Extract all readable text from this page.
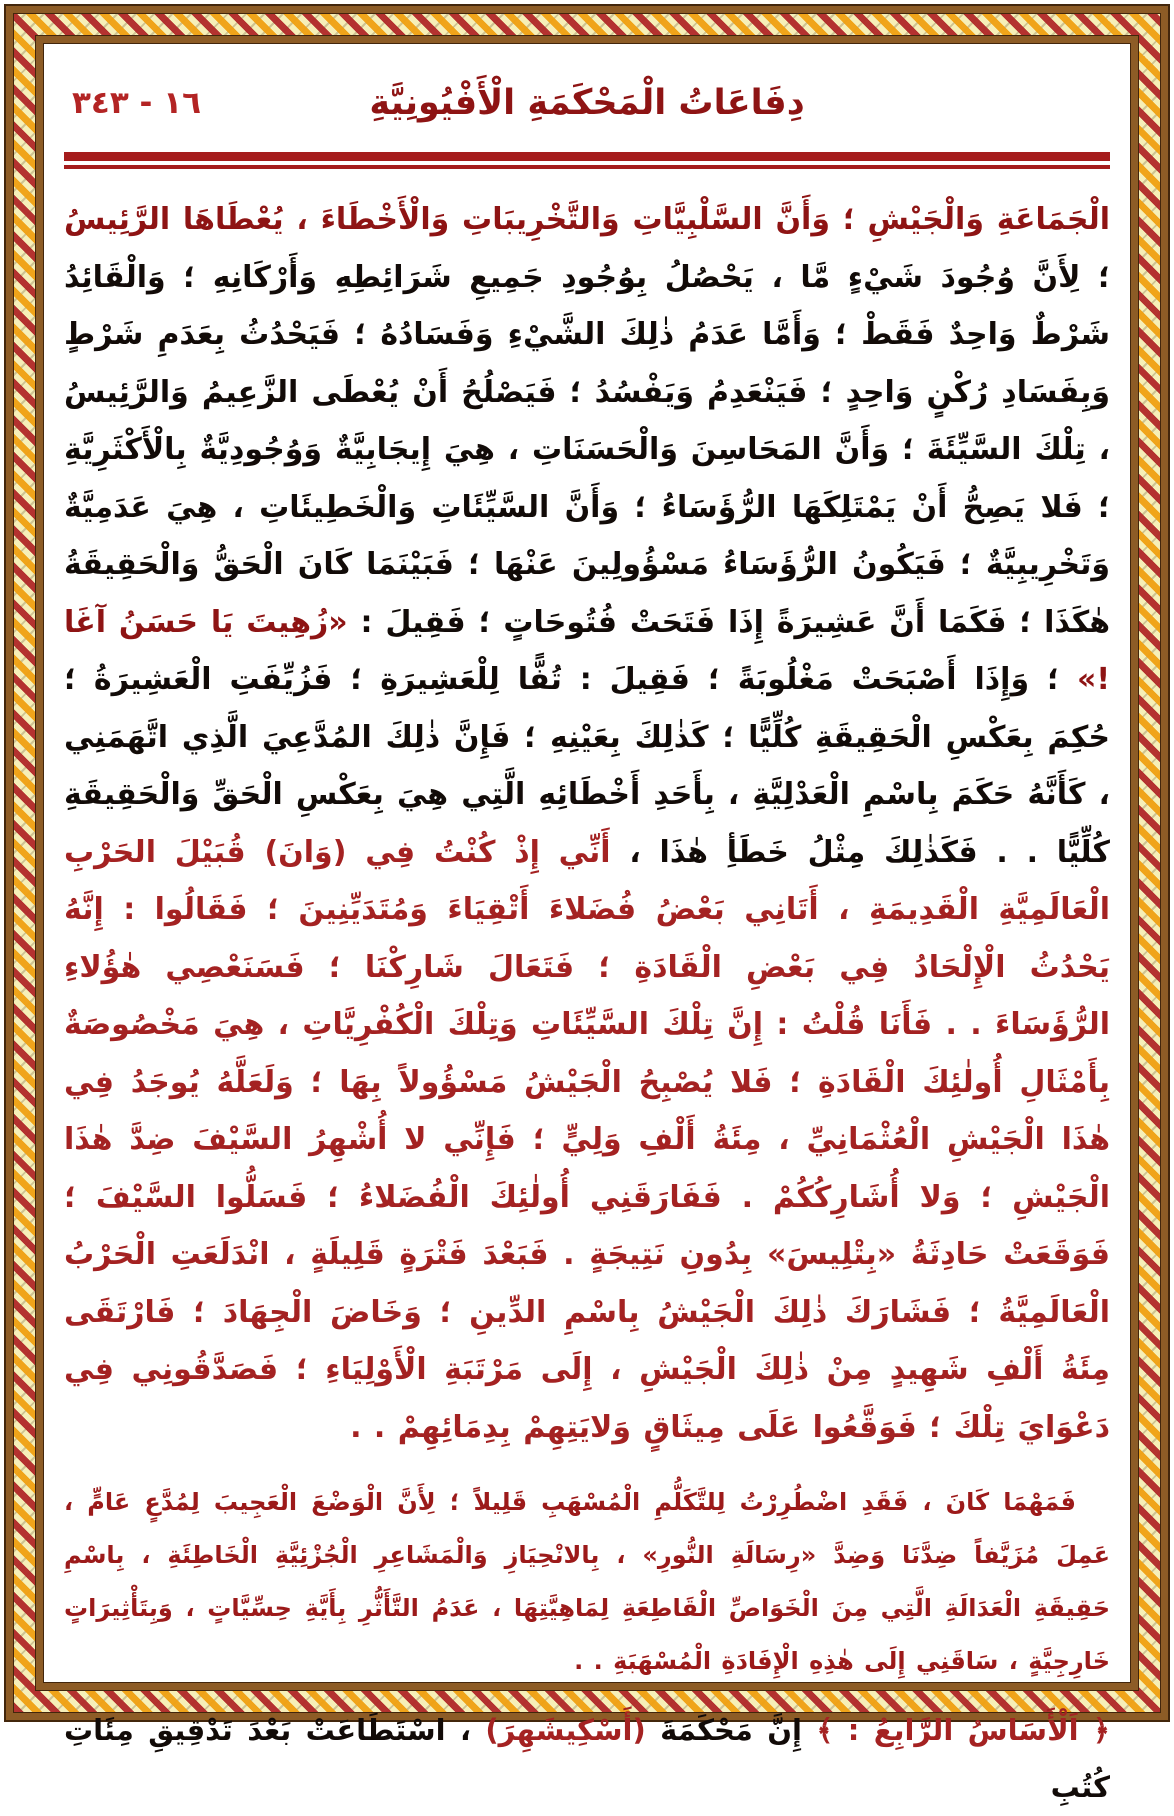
١٦ - ٣٤٣	دِفَاعَاتُ الْمَحْكَمَةِ الْأَفْيُونِيَّةِ
الْجَمَاعَةِ وَالْجَيْشِ ؛ وَأَنَّ السَّلْبِيَّاتِ وَالتَّخْرِيبَاتِ وَالْأَخْطَاءَ ، يُعْطَاهَا الرَّئِيسُ ؛ لِأَنَّ وُجُودَ شَيْءٍ مَّا ، يَحْصُلُ بِوُجُودِ جَمِيعِ شَرَائِطِهِ وَأَرْكَانِهِ ؛ وَالْقَائِدُ شَرْطٌ وَاحِدٌ فَقَطْ ؛ وَأَمَّا عَدَمُ ذٰلِكَ الشَّيْءِ وَفَسَادُهُ ؛ فَيَحْدُثُ بِعَدَمِ شَرْطٍ وَبِفَسَادِ رُكْنٍ وَاحِدٍ ؛ فَيَنْعَدِمُ وَيَفْسُدُ ؛ فَيَصْلُحُ أَنْ يُعْطَى الزَّعِيمُ وَالرَّئِيسُ ، تِلْكَ السَّيِّئَةَ ؛ وَأَنَّ المَحَاسِنَ وَالْحَسَنَاتِ ، هِيَ إِيجَابِيَّةٌ وَوُجُودِيَّةٌ بِالْأَكْثَرِيَّةِ ؛ فَلا يَصِحُّ أَنْ يَمْتَلِكَهَا الرُّؤَسَاءُ ؛ وَأَنَّ السَّيِّئَاتِ وَالْخَطِيئَاتِ ، هِيَ عَدَمِيَّةٌ وَتَخْرِيبِيَّةٌ ؛ فَيَكُونُ الرُّؤَسَاءُ مَسْؤُولِينَ عَنْهَا ؛ فَبَيْنَمَا كَانَ الْحَقُّ وَالْحَقِيقَةُ هٰكَذَا ؛ فَكَمَا أَنَّ عَشِيرَةً إِذَا فَتَحَتْ فُتُوحَاتٍ ؛ فَقِيلَ : «زُهِيتَ يَا حَسَنُ آغَا !» ؛ وَإِذَا أَصْبَحَتْ مَغْلُوبَةً ؛ فَقِيلَ : تُفًّا لِلْعَشِيرَةِ ؛ فَزُيِّفَتِ الْعَشِيرَةُ ؛ حُكِمَ بِعَكْسِ الْحَقِيقَةِ كُلِّيًّا ؛ كَذٰلِكَ بِعَيْنِهِ ؛ فَإِنَّ ذٰلِكَ المُدَّعِيَ الَّذِي اتَّهَمَنِي ، كَأَنَّهُ حَكَمَ بِاسْمِ الْعَدْلِيَّةِ ، بِأَحَدِ أَخْطَائِهِ الَّتِي هِيَ بِعَكْسِ الْحَقِّ وَالْحَقِيقَةِ كُلِّيًّا . . فَكَذٰلِكَ مِثْلُ خَطَأِ هٰذَا ، أَنِّي إِذْ كُنْتُ فِي (وَانَ) قُبَيْلَ الحَرْبِ الْعَالَمِيَّةِ الْقَدِيمَةِ ، أَتَانِي بَعْضُ فُضَلاءَ أَتْقِيَاءَ وَمُتَدَيِّنِينَ ؛ فَقَالُوا : إِنَّهُ يَحْدُثُ الْإِلْحَادُ فِي بَعْضِ الْقَادَةِ ؛ فَتَعَالَ شَارِكْنَا ؛ فَسَنَعْصِي هٰؤُلاءِ الرُّؤَسَاءَ . . فَأَنَا قُلْتُ : إِنَّ تِلْكَ السَّيِّئَاتِ وَتِلْكَ الْكُفْرِيَّاتِ ، هِيَ مَخْصُوصَةٌ بِأَمْثَالِ أُولٰئِكَ الْقَادَةِ ؛ فَلا يُصْبِحُ الْجَيْشُ مَسْؤُولاً بِهَا ؛ وَلَعَلَّهُ يُوجَدُ فِي هٰذَا الْجَيْشِ الْعُثْمَانِيِّ ، مِئَةُ أَلْفِ وَلِيٍّ ؛ فَإِنِّي لا أُشْهِرُ السَّيْفَ ضِدَّ هٰذَا الْجَيْشِ ؛ وَلا أُشَارِكُكُمْ . فَفَارَقَنِي أُولٰئِكَ الْفُضَلاءُ ؛ فَسَلُّوا السَّيْفَ ؛ فَوَقَعَتْ حَادِثَةُ «بِتْلِيسَ» بِدُونِ نَتِيجَةٍ . فَبَعْدَ فَتْرَةٍ قَلِيلَةٍ ، انْدَلَعَتِ الْحَرْبُ الْعَالَمِيَّةُ ؛ فَشَارَكَ ذٰلِكَ الْجَيْشُ بِاسْمِ الدِّينِ ؛ وَخَاضَ الْجِهَادَ ؛ فَارْتَقَى مِئَةُ أَلْفِ شَهِيدٍ مِنْ ذٰلِكَ الْجَيْشِ ، إِلَى مَرْتَبَةِ الْأَوْلِيَاءِ ؛ فَصَدَّقُونِي فِي دَعْوَايَ تِلْكَ ؛ فَوَقَّعُوا عَلَى مِيثَاقٍ وَلايَتِهِمْ بِدِمَائِهِمْ . .
فَمَهْمَا كَانَ ، فَقَدِ اضْطُرِرْتُ لِلتَّكَلُّمِ الْمُسْهَبِ قَلِيلاً ؛ لِأَنَّ الْوَضْعَ الْعَجِيبَ لِمُدَّعٍ عَامٍّ ، عَمِلَ مُزَيَّفاً ضِدَّنَا وَضِدَّ «رِسَالَةِ النُّورِ» ، بِالانْحِيَازِ وَالْمَشَاعِرِ الْجُزْئِيَّةِ الْخَاطِئَةِ ، بِاسْمِ حَقِيقَةِ الْعَدَالَةِ الَّتِي مِنَ الْخَوَاصِّ الْقَاطِعَةِ لِمَاهِيَّتِهَا ، عَدَمُ التَّأَثُّرِ بِأَيَّةِ حِسِّيَّاتٍ ، وَبِتَأْثِيرَاتٍ خَارِجِيَّةٍ ، سَاقَنِي إِلَى هٰذِهِ الْإِفَادَةِ الْمُسْهَبَةِ . .
﴿ اَلْأَسَاسُ الرَّابِعُ : ﴾ إِنَّ مَحْكَمَةَ (أَسْكِيشَهِرَ) ، اسْتَطَاعَتْ بَعْدَ تَدْقِيقِ مِئَاتِ كُتُبِ
